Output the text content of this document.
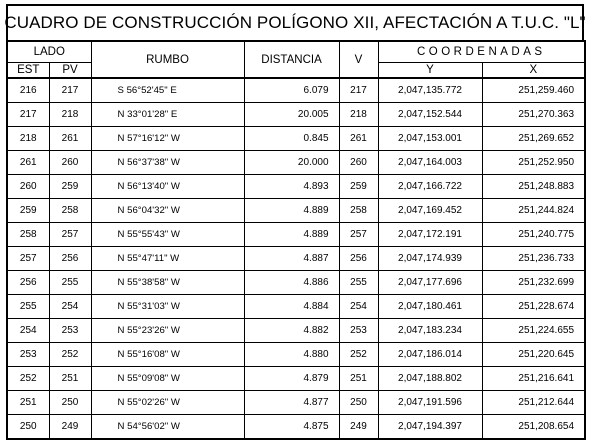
CUADRO DE CONSTRUCCIÓN POLÍGONO XII, AFECTACIÓN A T.U.C. "L"
LADO		RUMBO	DISTANCIA	V	COORDENADAS	
EST	PV				Y	X
216	217	S 56°52'45" E	6.079	217	2,047,135.772	251,259.460
217	218	N 33°01'28" E	20.005	218	2,047,152.544	251,270.363
218	261	N 57°16'12" W	0.845	261	2,047,153.001	251,269.652
261	260	N 56°37'38" W	20.000	260	2,047,164.003	251,252.950
260	259	N 56°13'40" W	4.893	259	2,047,166.722	251,248.883
259	258	N 56°04'32" W	4.889	258	2,047,169.452	251,244.824
258	257	N 55°55'43" W	4.889	257	2,047,172.191	251,240.775
257	256	N 55°47'11" W	4.887	256	2,047,174.939	251,236.733
256	255	N 55°38'58" W	4.886	255	2,047,177.696	251,232.699
255	254	N 55°31'03" W	4.884	254	2,047,180.461	251,228.674
254	253	N 55°23'26" W	4.882	253	2,047,183.234	251,224.655
253	252	N 55°16'08" W	4.880	252	2,047,186.014	251,220.645
252	251	N 55°09'08" W	4.879	251	2,047,188.802	251,216.641
251	250	N 55°02'26" W	4.877	250	2,047,191.596	251,212.644
250	249	N 54°56'02" W	4.875	249	2,047,194.397	251,208.654
